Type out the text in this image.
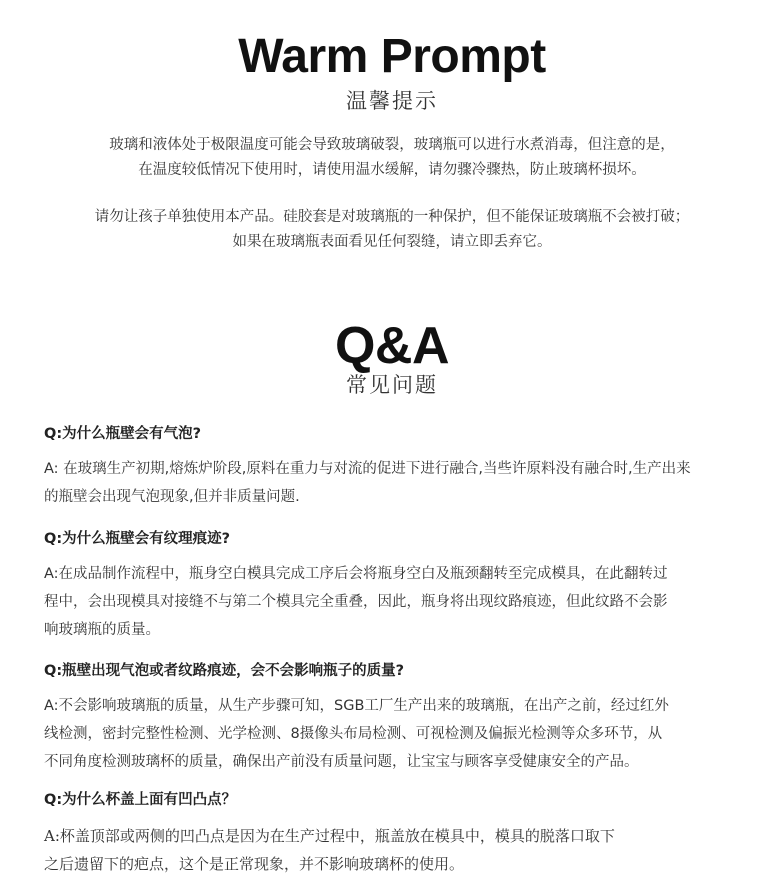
Warm Prompt
温馨提示
玻璃和液体处于极限温度可能会导致玻璃破裂，玻璃瓶可以进行水煮消毒，但注意的是，
在温度较低情况下使用时，请使用温水缓解，请勿骤冷骤热，防止玻璃杯损坏。
请勿让孩子单独使用本产品。硅胶套是对玻璃瓶的一种保护，但不能保证玻璃瓶不会被打破；
如果在玻璃瓶表面看见任何裂缝，请立即丢弃它。
Q&A
常见问题
Q:为什么瓶壁会有气泡?
A: 在玻璃生产初期,熔炼炉阶段,原料在重力与对流的促进下进行融合,当些许原料没有融合时,生产出来
的瓶壁会出现气泡现象,但并非质量问题.
Q:为什么瓶壁会有纹理痕迹?
A:在成品制作流程中，瓶身空白模具完成工序后会将瓶身空白及瓶颈翻转至完成模具，在此翻转过
程中，会出现模具对接缝不与第二个模具完全重叠，因此，瓶身将出现纹路痕迹，但此纹路不会影
响玻璃瓶的质量。
Q:瓶壁出现气泡或者纹路痕迹，会不会影响瓶子的质量?
A:不会影响玻璃瓶的质量，从生产步骤可知，SGB工厂生产出来的玻璃瓶，在出产之前，经过红外
线检测，密封完整性检测、光学检测、8摄像头布局检测、可视检测及偏振光检测等众多环节，从
不同角度检测玻璃杯的质量，确保出产前没有质量问题，让宝宝与顾客享受健康安全的产品。
Q:为什么杯盖上面有凹凸点？
A:杯盖顶部或两侧的凹凸点是因为在生产过程中，瓶盖放在模具中，模具的脱落口取下
之后遗留下的疤点，这个是正常现象，并不影响玻璃杯的使用。
